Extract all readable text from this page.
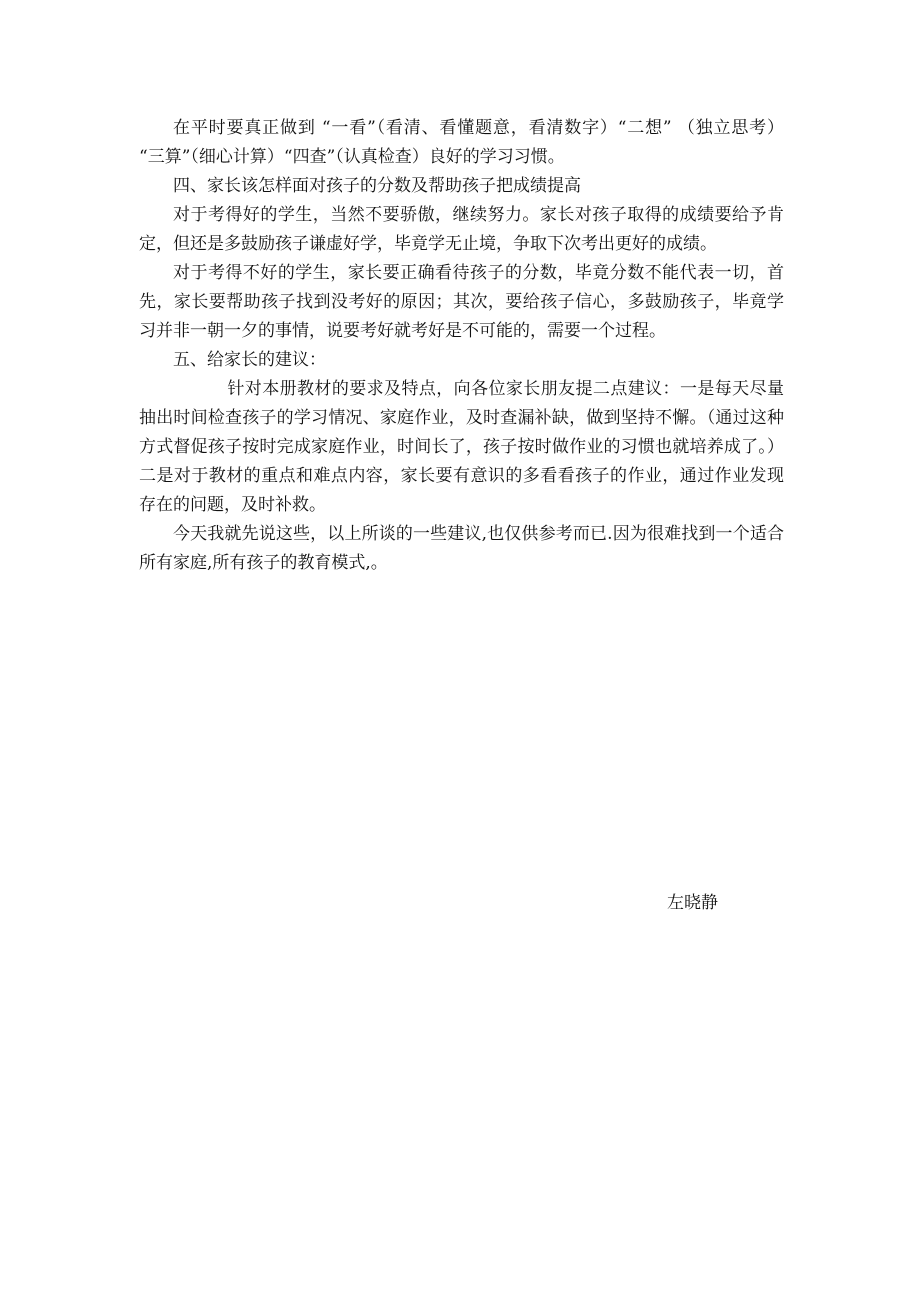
在平时要真正做到 “一看”（看清、看懂题意，看清数字）“二想” （独立思考） “三算”（细心计算）“四查”（认真检查）良好的学习习惯。

四、家长该怎样面对孩子的分数及帮助孩子把成绩提高

对于考得好的学生，当然不要骄傲，继续努力。家长对孩子取得的成绩要给予肯定，但还是多鼓励孩子谦虚好学，毕竟学无止境，争取下次考出更好的成绩。

对于考得不好的学生，家长要正确看待孩子的分数，毕竟分数不能代表一切，首先，家长要帮助孩子找到没考好的原因；其次，要给孩子信心，多鼓励孩子，毕竟学习并非一朝一夕的事情，说要考好就考好是不可能的，需要一个过程。

五、给家长的建议：

针对本册教材的要求及特点，向各位家长朋友提二点建议：一是每天尽量抽出时间检查孩子的学习情况、家庭作业，及时查漏补缺，做到坚持不懈。（通过这种方式督促孩子按时完成家庭作业，时间长了，孩子按时做作业的习惯也就培养成了。）二是对于教材的重点和难点内容，家长要有意识的多看看孩子的作业，通过作业发现存在的问题，及时补救。

今天我就先说这些，以上所谈的一些建议,也仅供参考而已.因为很难找到一个适合所有家庭,所有孩子的教育模式,。

左晓静
